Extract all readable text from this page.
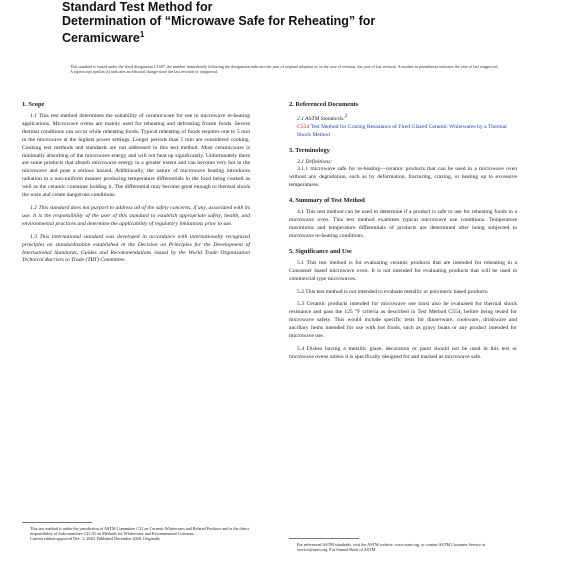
Standard Test Method for
Determination of “Microwave Safe for Reheating” for
Ceramicware$^1$
This standard is issued under the fixed designation C1607; the number immediately following the designation indicates the year of original adoption or, in the case of revision, the year of last revision. A number in parentheses indicates the year of last reapproval. A superscript epsilon (ε) indicates an editorial change since the last revision or reapproval.
1. Scope

1.1 This test method determines the suitability of ceramicware for use in microwave re-heating applications. Microwave ovens are mainly used for reheating and defrosting frozen foods. Severe thermal conditions can occur while reheating foods. Typical reheating of foods requires one to 5 min in the microwave at the highest power settings. Longer periods than 5 min are considered cooking. Cooking test methods and standards are not addressed in this test method. Most ceramicware is minimally absorbing of the microwave energy and will not heat up significantly. Unfortunately there are some products that absorb microwave energy to a greater extent and can become very hot in the microwave and pose a serious hazard. Additionally, the nature of microwave heating introduces radiation in a non-uniform manner producing temperature differentials in the food being cooked as well as the ceramic container holding it. The differential may become great enough to thermal shock the ware and create dangerous conditions.

1.2 This standard does not purport to address all of the safety concerns, if any, associated with its use. It is the responsibility of the user of this standard to establish appropriate safety, health, and environmental practices and determine the applicability of regulatory limitations prior to use.

1.3 This international standard was developed in accordance with internationally recognized principles on standardization established in the Decision on Principles for the Development of International Standards, Guides and Recommendations issued by the World Trade Organization Technical Barriers to Trade (TBT) Committee.

This test method is under the jurisdiction of ASTM Committee C21 on Ceramic Whitewares and Related Products and is the direct responsibility of Subcommittee C21.03 on Methods for Whitewares and Environmental Concerns.
Current edition approved Dec. 1, 2020. Published December 2020. Originally
2. Referenced Documents

2.1 ASTM Standards:$^2$

C554 Test Method for Crazing Resistance of Fired Glazed Ceramic Whitewares by a Thermal Shock Method

3. Terminology

3.1 Definitions:

3.1.1 microwave safe for re-heating—ceramic products that can be used in a microwave oven without any degradation, such as by deformation, fracturing, crazing, or heating up to excessive temperatures.

4. Summary of Test Method

4.1 This test method can be used to determine if a product is safe to use for reheating foods in a microwave oven. This test method examines typical microwave use conditions. Temperature maximums and temperature differentials of products are determined after being subjected to microwave re-heating conditions.

5. Significance and Use

5.1 This test method is for evaluating ceramic products that are intended for reheating in a Consumer based microwave oven. It is not intended for evaluating products that will be used in commercial type microwaves.

5.2 This test method is not intended to evaluate metallic or polymeric based products.

5.3 Ceramic products intended for microwave use must also be evaluated for thermal shock resistance and pass the 125 °F criteria as described in Test Method C554, before being tested for microwave safety. This would include specific tests for dinnerware, cookware, drinkware and ancillary items intended for use with hot foods, such as gravy boats or any product intended for microwave use.

5.4 Dishes having a metallic glaze, decoration or paint should not be used in this test or microwave ovens unless it is specifically designed for and marked as microwave safe.

For referenced ASTM standards, visit the ASTM website, www.astm.org, or contact ASTM Customer Service at service@astm.org. For Annual Book of ASTM
